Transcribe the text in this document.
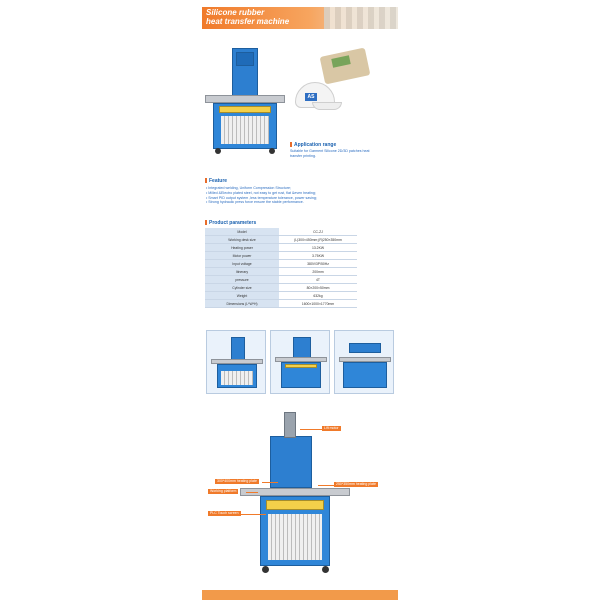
Silicone rubber
heat transfer machine
AS
Application range
Suitable for Garment Silicone 2D/3D patches heat
transfer printing.
Feature
• Integrated welding, Uniform Compression Structure;
• Milled &Electro plated steel, not easy to get rust, flat &even heating;
• Smart PID output system ,less temperature tolerance, power saving;
• Strong hydraulic press force ensure the stable performance.
Product parameters
Model	CC-ZJ
Working desk size	(L)300×450mm;(R)250×350mm
Heating power	13.2KW
Motor power	3.75KW
Input voltage	380V/3P/50Hz
Itinerary	200mm
pressure	4T
Cylinder size	80×200×50mm
Weight	632kg
Dimensions (L*W*H)	1600×1000×1770mm
Lift motor
300*400mm heating plate
250*350mm heating plate
Working platform
PLC Touch screen
